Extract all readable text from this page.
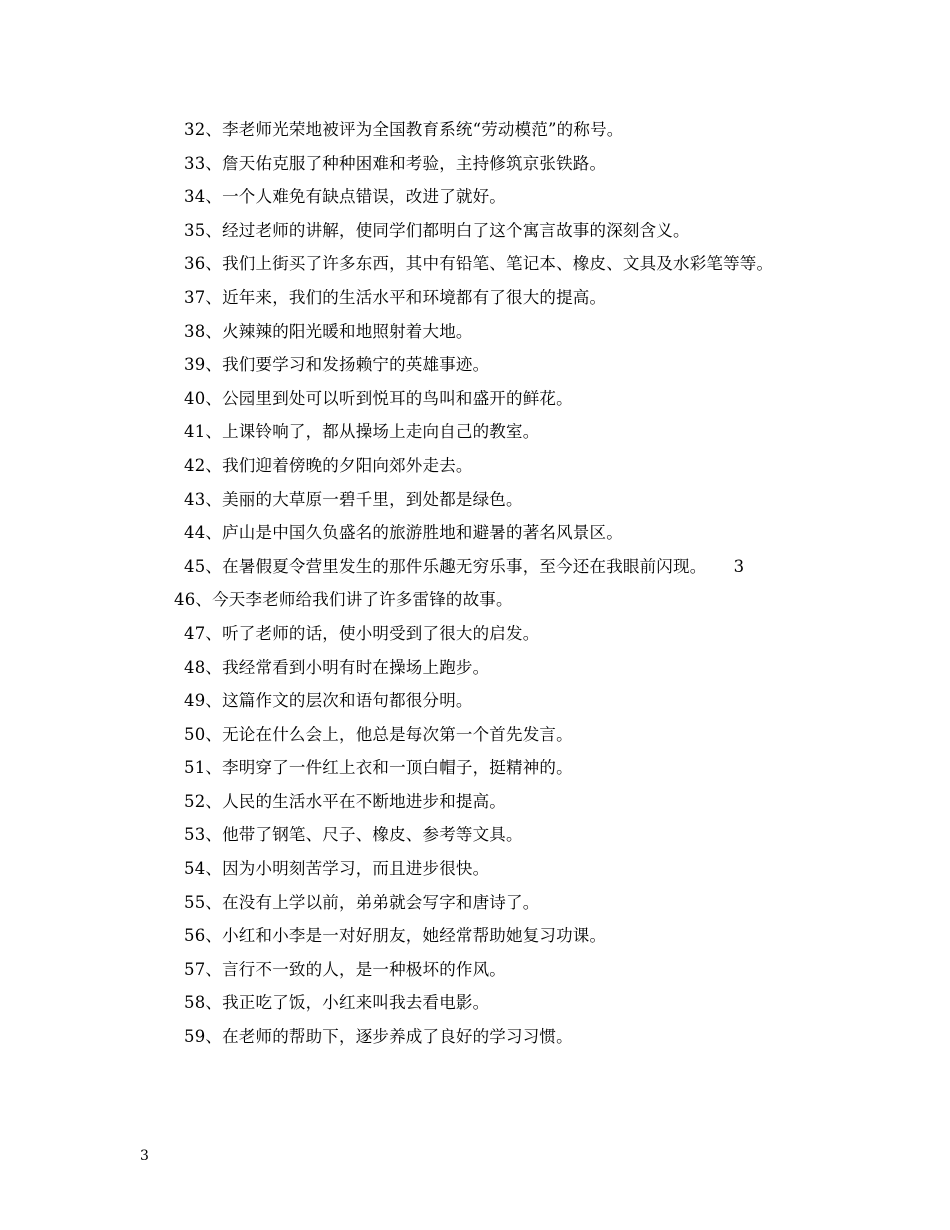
32、李老师光荣地被评为全国教育系统“劳动模范”的称号。
33、詹天佑克服了种种困难和考验，主持修筑京张铁路。
34、一个人难免有缺点错误，改进了就好。
35、经过老师的讲解，使同学们都明白了这个寓言故事的深刻含义。
36、我们上街买了许多东西，其中有铅笔、笔记本、橡皮、文具及水彩笔等等。
37、近年来，我们的生活水平和环境都有了很大的提高。
38、火辣辣的阳光暖和地照射着大地。
39、我们要学习和发扬赖宁的英雄事迹。
40、公园里到处可以听到悦耳的鸟叫和盛开的鲜花。
41、上课铃响了，都从操场上走向自己的教室。
42、我们迎着傍晚的夕阳向郊外走去。
43、美丽的大草原一碧千里，到处都是绿色。
44、庐山是中国久负盛名的旅游胜地和避暑的著名风景区。
45、在暑假夏令营里发生的那件乐趣无穷乐事，至今还在我眼前闪现。     3
46、今天李老师给我们讲了许多雷锋的故事。
47、听了老师的话，使小明受到了很大的启发。
48、我经常看到小明有时在操场上跑步。
49、这篇作文的层次和语句都很分明。
50、无论在什么会上，他总是每次第一个首先发言。
51、李明穿了一件红上衣和一顶白帽子，挺精神的。
52、人民的生活水平在不断地进步和提高。
53、他带了钢笔、尺子、橡皮、参考等文具。
54、因为小明刻苦学习，而且进步很快。
55、在没有上学以前，弟弟就会写字和唐诗了。
56、小红和小李是一对好朋友，她经常帮助她复习功课。
57、言行不一致的人，是一种极坏的作风。
58、我正吃了饭，小红来叫我去看电影。
59、在老师的帮助下，逐步养成了良好的学习习惯。
3
